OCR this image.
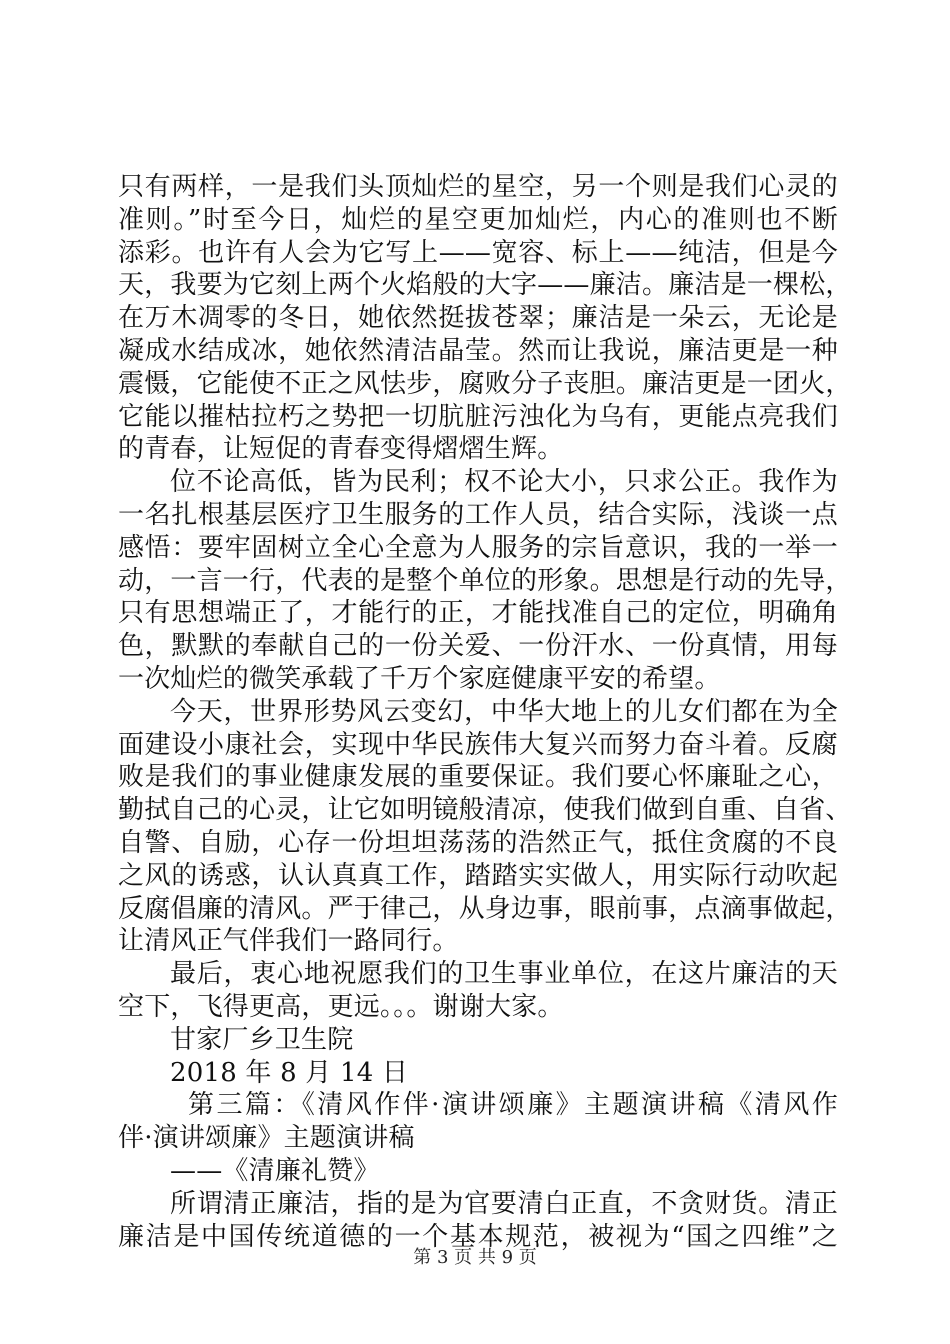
只有两样，一是我们头顶灿烂的星空，另一个则是我们心灵的
准则。”时至今日，灿烂的星空更加灿烂，内心的准则也不断
添彩。也许有人会为它写上——宽容、标上——纯洁，但是今
天，我要为它刻上两个火焰般的大字——廉洁。廉洁是一棵松，
在万木凋零的冬日，她依然挺拔苍翠；廉洁是一朵云，无论是
凝成水结成冰，她依然清洁晶莹。然而让我说，廉洁更是一种
震慑，它能使不正之风怯步，腐败分子丧胆。廉洁更是一团火，
它能以摧枯拉朽之势把一切肮脏污浊化为乌有，更能点亮我们
的青春，让短促的青春变得熠熠生辉。
位不论高低，皆为民利；权不论大小，只求公正。我作为
一名扎根基层医疗卫生服务的工作人员，结合实际，浅谈一点
感悟：要牢固树立全心全意为人服务的宗旨意识，我的一举一
动，一言一行，代表的是整个单位的形象。思想是行动的先导，
只有思想端正了，才能行的正，才能找准自己的定位，明确角
色，默默的奉献自己的一份关爱、一份汗水、一份真情，用每
一次灿烂的微笑承载了千万个家庭健康平安的希望。
今天，世界形势风云变幻，中华大地上的儿女们都在为全
面建设小康社会，实现中华民族伟大复兴而努力奋斗着。反腐
败是我们的事业健康发展的重要保证。我们要心怀廉耻之心，
勤拭自己的心灵，让它如明镜般清凉，使我们做到自重、自省、
自警、自励，心存一份坦坦荡荡的浩然正气，抵住贪腐的不良
之风的诱惑，认认真真工作，踏踏实实做人，用实际行动吹起
反腐倡廉的清风。严于律己，从身边事，眼前事，点滴事做起，
让清风正气伴我们一路同行。
最后，衷心地祝愿我们的卫生事业单位，在这片廉洁的天
空下，飞得更高，更远。。。谢谢大家。
甘家厂乡卫生院
2018 年 8 月 14 日
第三篇：《清风作伴·演讲颂廉》主题演讲稿《清风作
伴·演讲颂廉》主题演讲稿
——《清廉礼赞》
所谓清正廉洁，指的是为官要清白正直，不贪财货。清正
廉洁是中国传统道德的一个基本规范，被视为“国之四维”之
第 3 页 共 9 页
